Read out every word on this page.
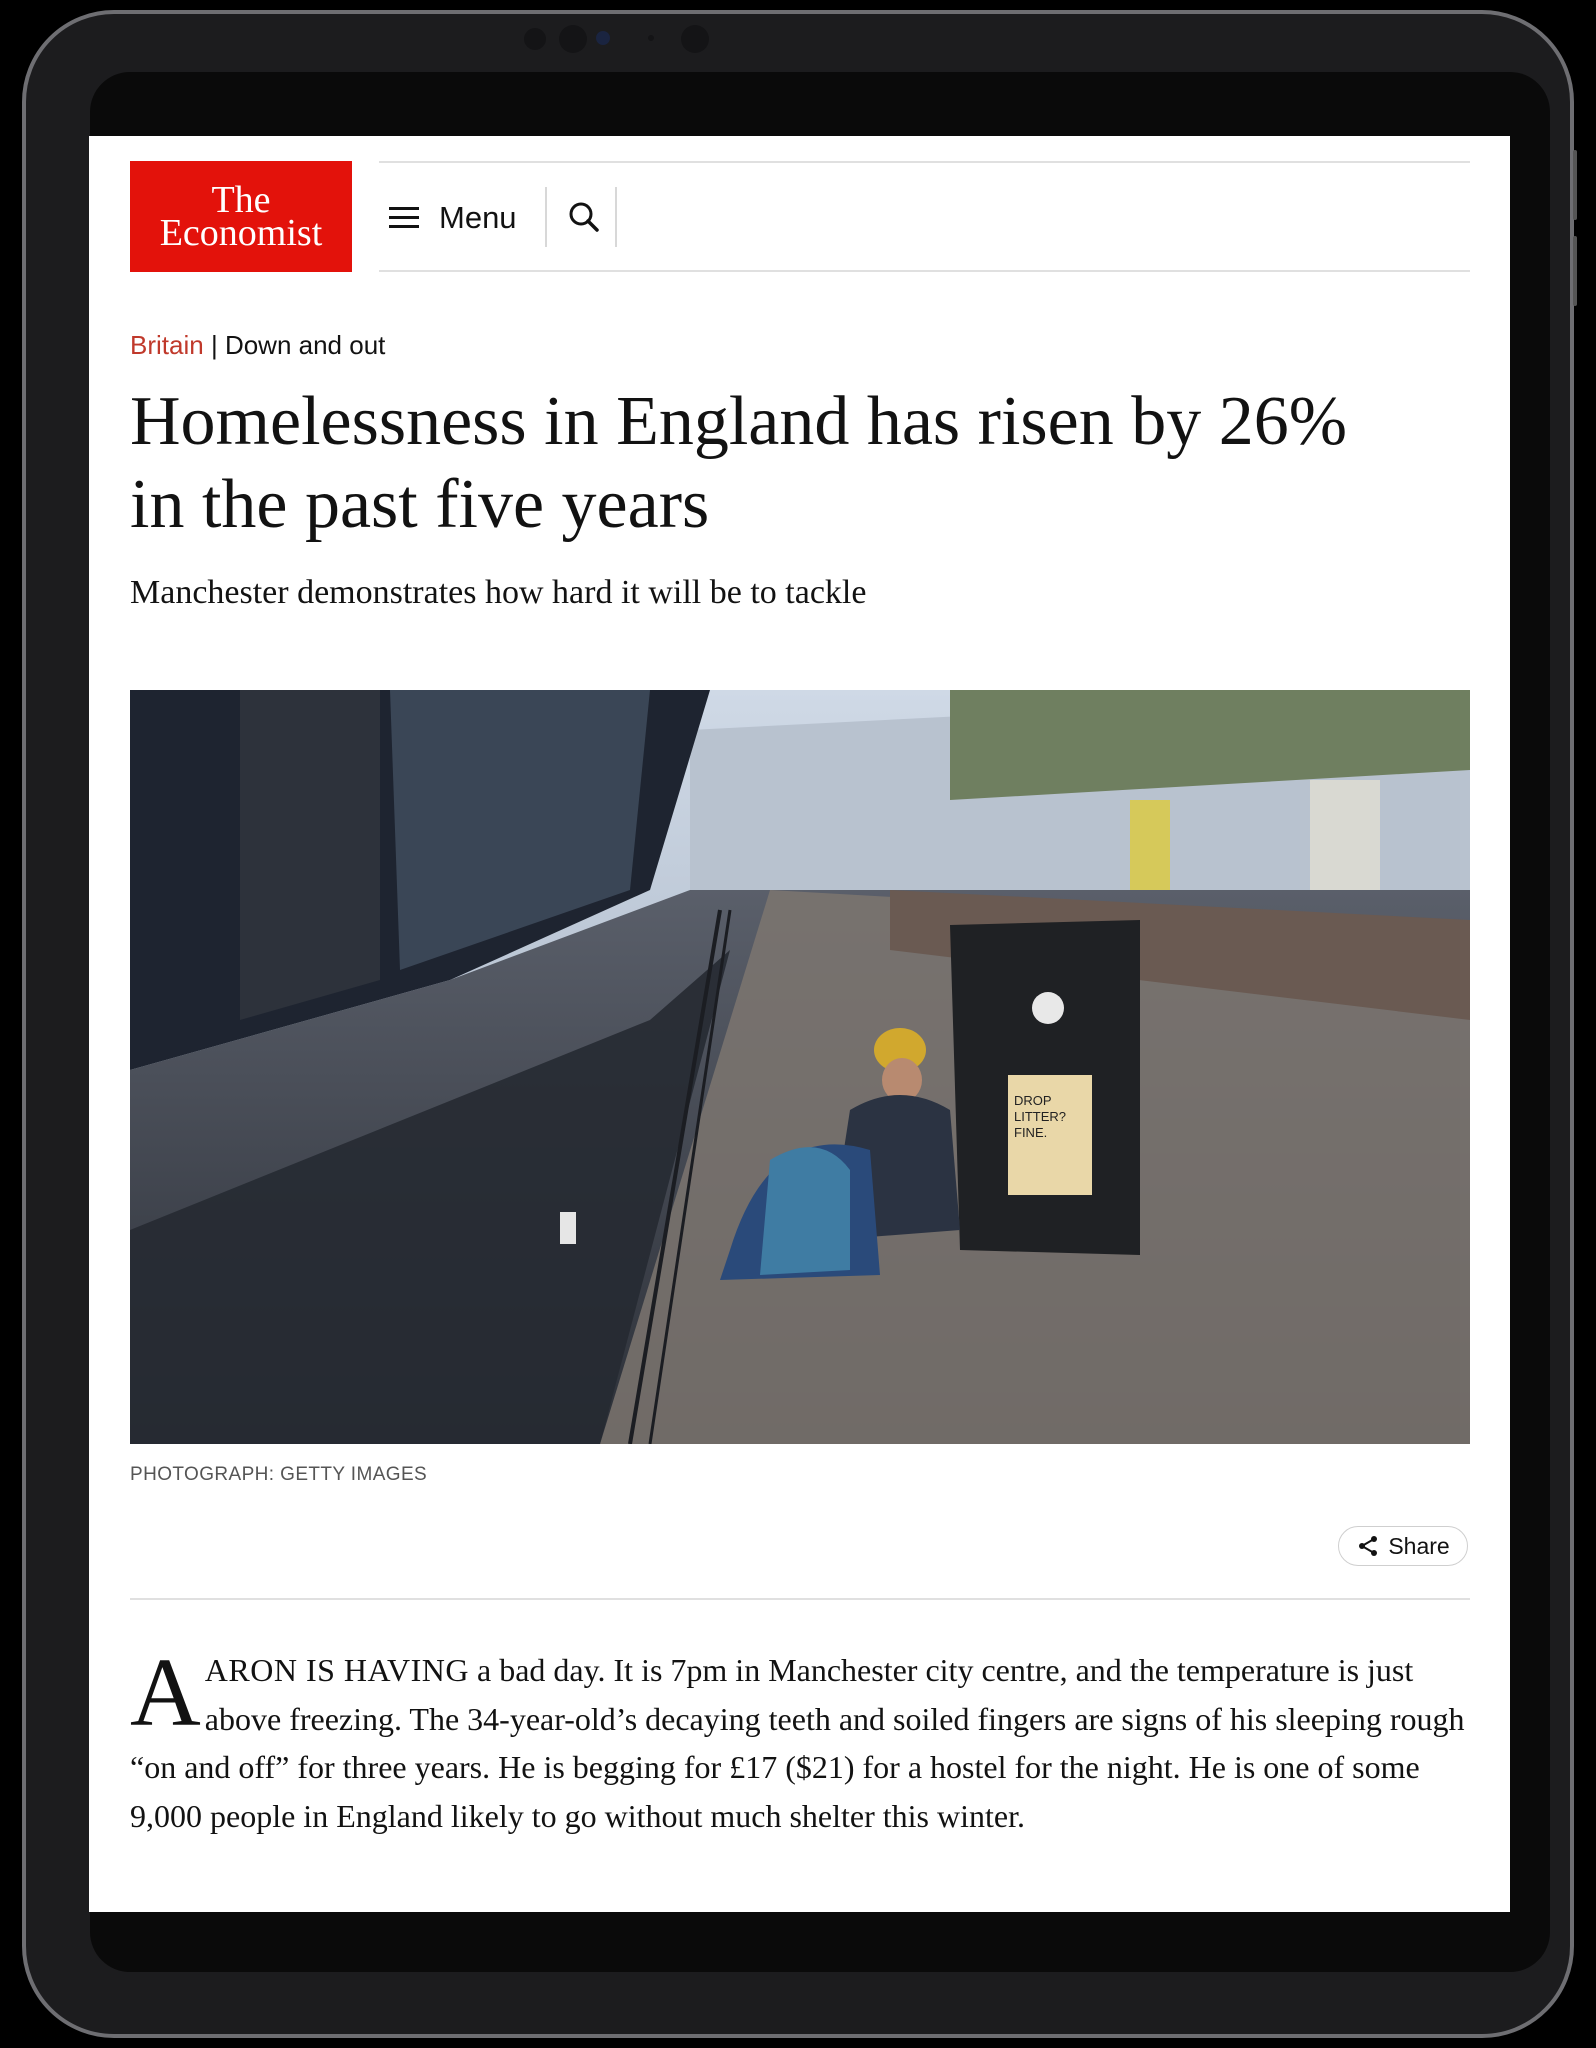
The
Economist	Menu
Britain | Down and out
Homelessness in England has risen by 26%
in the past five years
Manchester demonstrates how hard it will be to tackle
DROP
LITTER?
FINE.
PHOTOGRAPH: GETTY IMAGES
Share

AARON IS HAVING a bad day. It is 7pm in Manchester city centre, and the temperature is just above freezing. The 34-year-old’s decaying teeth and soiled fingers are signs of his sleeping rough “on and off” for three years. He is begging for £17 ($21) for a hostel for the night. He is one of some 9,000 people in England likely to go without much shelter this winter.
